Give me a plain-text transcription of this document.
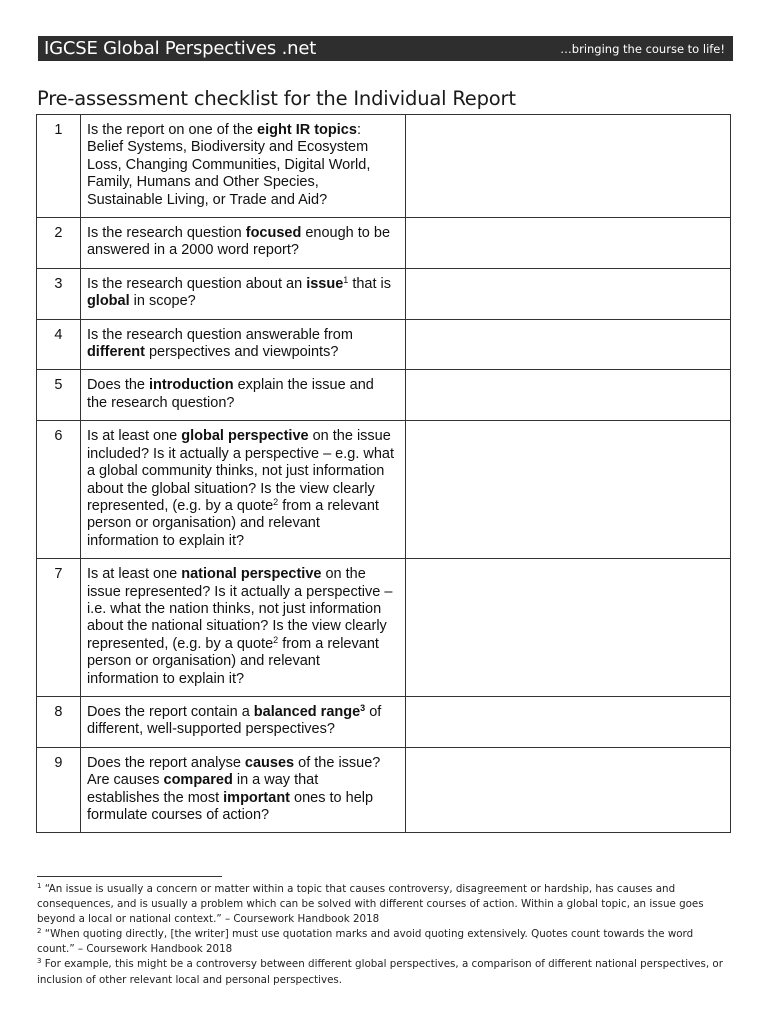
IGCSE Global Perspectives .net	…bringing the course to life!
Pre-assessment checklist for the Individual Report
1	Is the report on one of the eight IR topics: Belief Systems, Biodiversity and Ecosystem Loss, Changing Communities, Digital World, Family, Humans and Other Species, Sustainable Living, or Trade and Aid?	
2	Is the research question focused enough to be answered in a 2000 word report?	
3	Is the research question about an issue$^1$ that is global in scope?	
4	Is the research question answerable from different perspectives and viewpoints?	
5	Does the introduction explain the issue and the research question?	
6	Is at least one global perspective on the issue included? Is it actually a perspective – e.g. what a global community thinks, not just information about the global situation? Is the view clearly represented, (e.g. by a quote$^2$ from a relevant person or organisation) and relevant information to explain it?	
7	Is at least one national perspective on the issue represented? Is it actually a perspective – i.e. what the nation thinks, not just information about the national situation? Is the view clearly represented, (e.g. by a quote$^2$ from a relevant person or organisation) and relevant information to explain it?	
8	Does the report contain a balanced range$^3$ of different, well-supported perspectives?	
9	Does the report analyse causes of the issue? Are causes compared in a way that establishes the most important ones to help formulate courses of action?	
$^1$ “An issue is usually a concern or matter within a topic that causes controversy, disagreement or hardship, has causes and consequences, and is usually a problem which can be solved with different courses of action. Within a global topic, an issue goes beyond a local or national context.” – Coursework Handbook 2018
$^2$ “When quoting directly, [the writer] must use quotation marks and avoid quoting extensively. Quotes count towards the word count.” – Coursework Handbook 2018
$^3$ For example, this might be a controversy between different global perspectives, a comparison of different national perspectives, or inclusion of other relevant local and personal perspectives.
